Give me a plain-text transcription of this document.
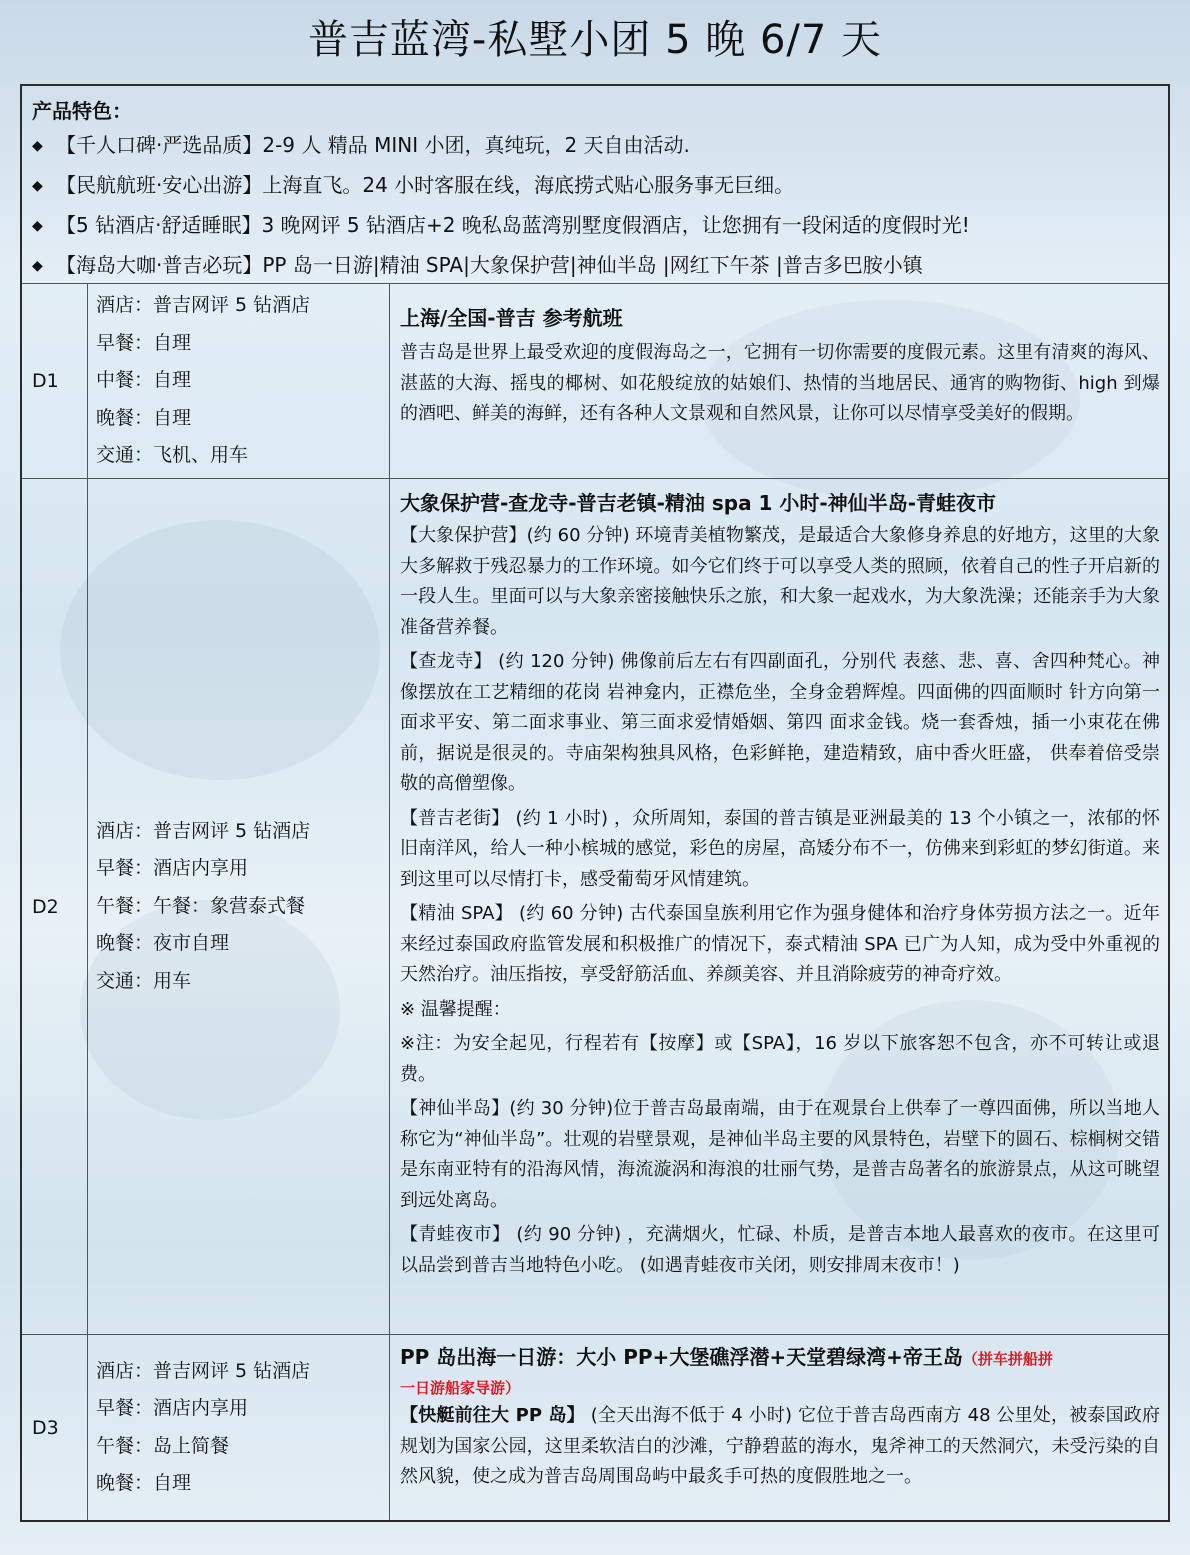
普吉蓝湾-私墅小团 5 晚 6/7 天
产品特色：
◆ 【千人口碑·严选品质】2-9 人 精品 MINI 小团，真纯玩，2 天自由活动.
◆ 【民航航班·安心出游】上海直飞。24 小时客服在线，海底捞式贴心服务事无巨细。
◆ 【5 钻酒店·舒适睡眠】3 晚网评 5 钻酒店+2 晚私岛蓝湾别墅度假酒店，让您拥有一段闲适的度假时光!
◆ 【海岛大咖·普吉必玩】PP 岛一日游|精油 SPA|大象保护营|神仙半岛 |网红下午茶 |普吉多巴胺小镇
D1
酒店：普吉网评 5 钻酒店
早餐：自理
中餐：自理
晚餐：自理
交通：飞机、用车
上海/全国-普吉 参考航班

普吉岛是世界上最受欢迎的度假海岛之一，它拥有一切你需要的度假元素。这里有清爽的海风、湛蓝的大海、摇曳的椰树、如花般绽放的姑娘们、热情的当地居民、通宵的购物街、high 到爆的酒吧、鲜美的海鲜，还有各种人文景观和自然风景，让你可以尽情享受美好的假期。

D2
酒店：普吉网评 5 钻酒店
早餐：酒店内享用
午餐：午餐：象营泰式餐
晚餐：夜市自理
交通：用车
大象保护营-查龙寺-普吉老镇-精油 spa 1 小时-神仙半岛-青蛙夜市

【大象保护营】(约 60 分钟) 环境青美植物繁茂，是最适合大象修身养息的好地方，这里的大象大多解救于残忍暴力的工作环境。如今它们终于可以享受人类的照顾，依着自己的性子开启新的一段人生。里面可以与大象亲密接触快乐之旅，和大象一起戏水，为大象洗澡；还能亲手为大象准备营养餐。

【查龙寺】 (约 120 分钟) 佛像前后左右有四副面孔，分别代 表慈、悲、喜、舍四种梵心。神像摆放在工艺精细的花岗 岩神龛内，正襟危坐，全身金碧辉煌。四面佛的四面顺时 针方向第一面求平安、第二面求事业、第三面求爱情婚姻、第四 面求金钱。烧一套香烛，插一小束花在佛前，据说是很灵的。寺庙架构独具风格，色彩鲜艳，建造精致，庙中香火旺盛， 供奉着倍受崇敬的高僧塑像。

【普吉老街】 (约 1 小时) ，众所周知，泰国的普吉镇是亚洲最美的 13 个小镇之一，浓郁的怀旧南洋风，给人一种小槟城的感觉，彩色的房屋，高矮分布不一，仿佛来到彩虹的梦幻街道。来到这里可以尽情打卡，感受葡萄牙风情建筑。

【精油 SPA】 (约 60 分钟) 古代泰国皇族利用它作为强身健体和治疗身体劳损方法之一。近年来经过泰国政府监管发展和积极推广的情况下，泰式精油 SPA 已广为人知，成为受中外重视的天然治疗。油压指按，享受舒筋活血、养颜美容、并且消除疲劳的神奇疗效。

※ 温馨提醒：

※注：为安全起见，行程若有【按摩】或【SPA】，16 岁以下旅客恕不包含，亦不可转让或退费。

【神仙半岛】(约 30 分钟)位于普吉岛最南端，由于在观景台上供奉了一尊四面佛，所以当地人称它为“神仙半岛”。壮观的岩壁景观，是神仙半岛主要的风景特色，岩壁下的圆石、棕榈树交错是东南亚特有的沿海风情，海流漩涡和海浪的壮丽气势，是普吉岛著名的旅游景点，从这可眺望到远处离岛。

【青蛙夜市】 (约 90 分钟) ，充满烟火，忙碌、朴质，是普吉本地人最喜欢的夜市。在这里可以品尝到普吉当地特色小吃。 (如遇青蛙夜市关闭，则安排周末夜市！)

D3
酒店：普吉网评 5 钻酒店
早餐：酒店内享用
午餐：岛上简餐
晚餐：自理
PP 岛出海一日游：大小 PP+大堡礁浮潜+天堂碧绿湾+帝王岛（拼车拼船拼
一日游船家导游）

【快艇前往大 PP 岛】 (全天出海不低于 4 小时) 它位于普吉岛西南方 48 公里处，被泰国政府规划为国家公园，这里柔软洁白的沙滩，宁静碧蓝的海水，鬼斧神工的天然洞穴，未受污染的自然风貌，使之成为普吉岛周围岛屿中最炙手可热的度假胜地之一。
